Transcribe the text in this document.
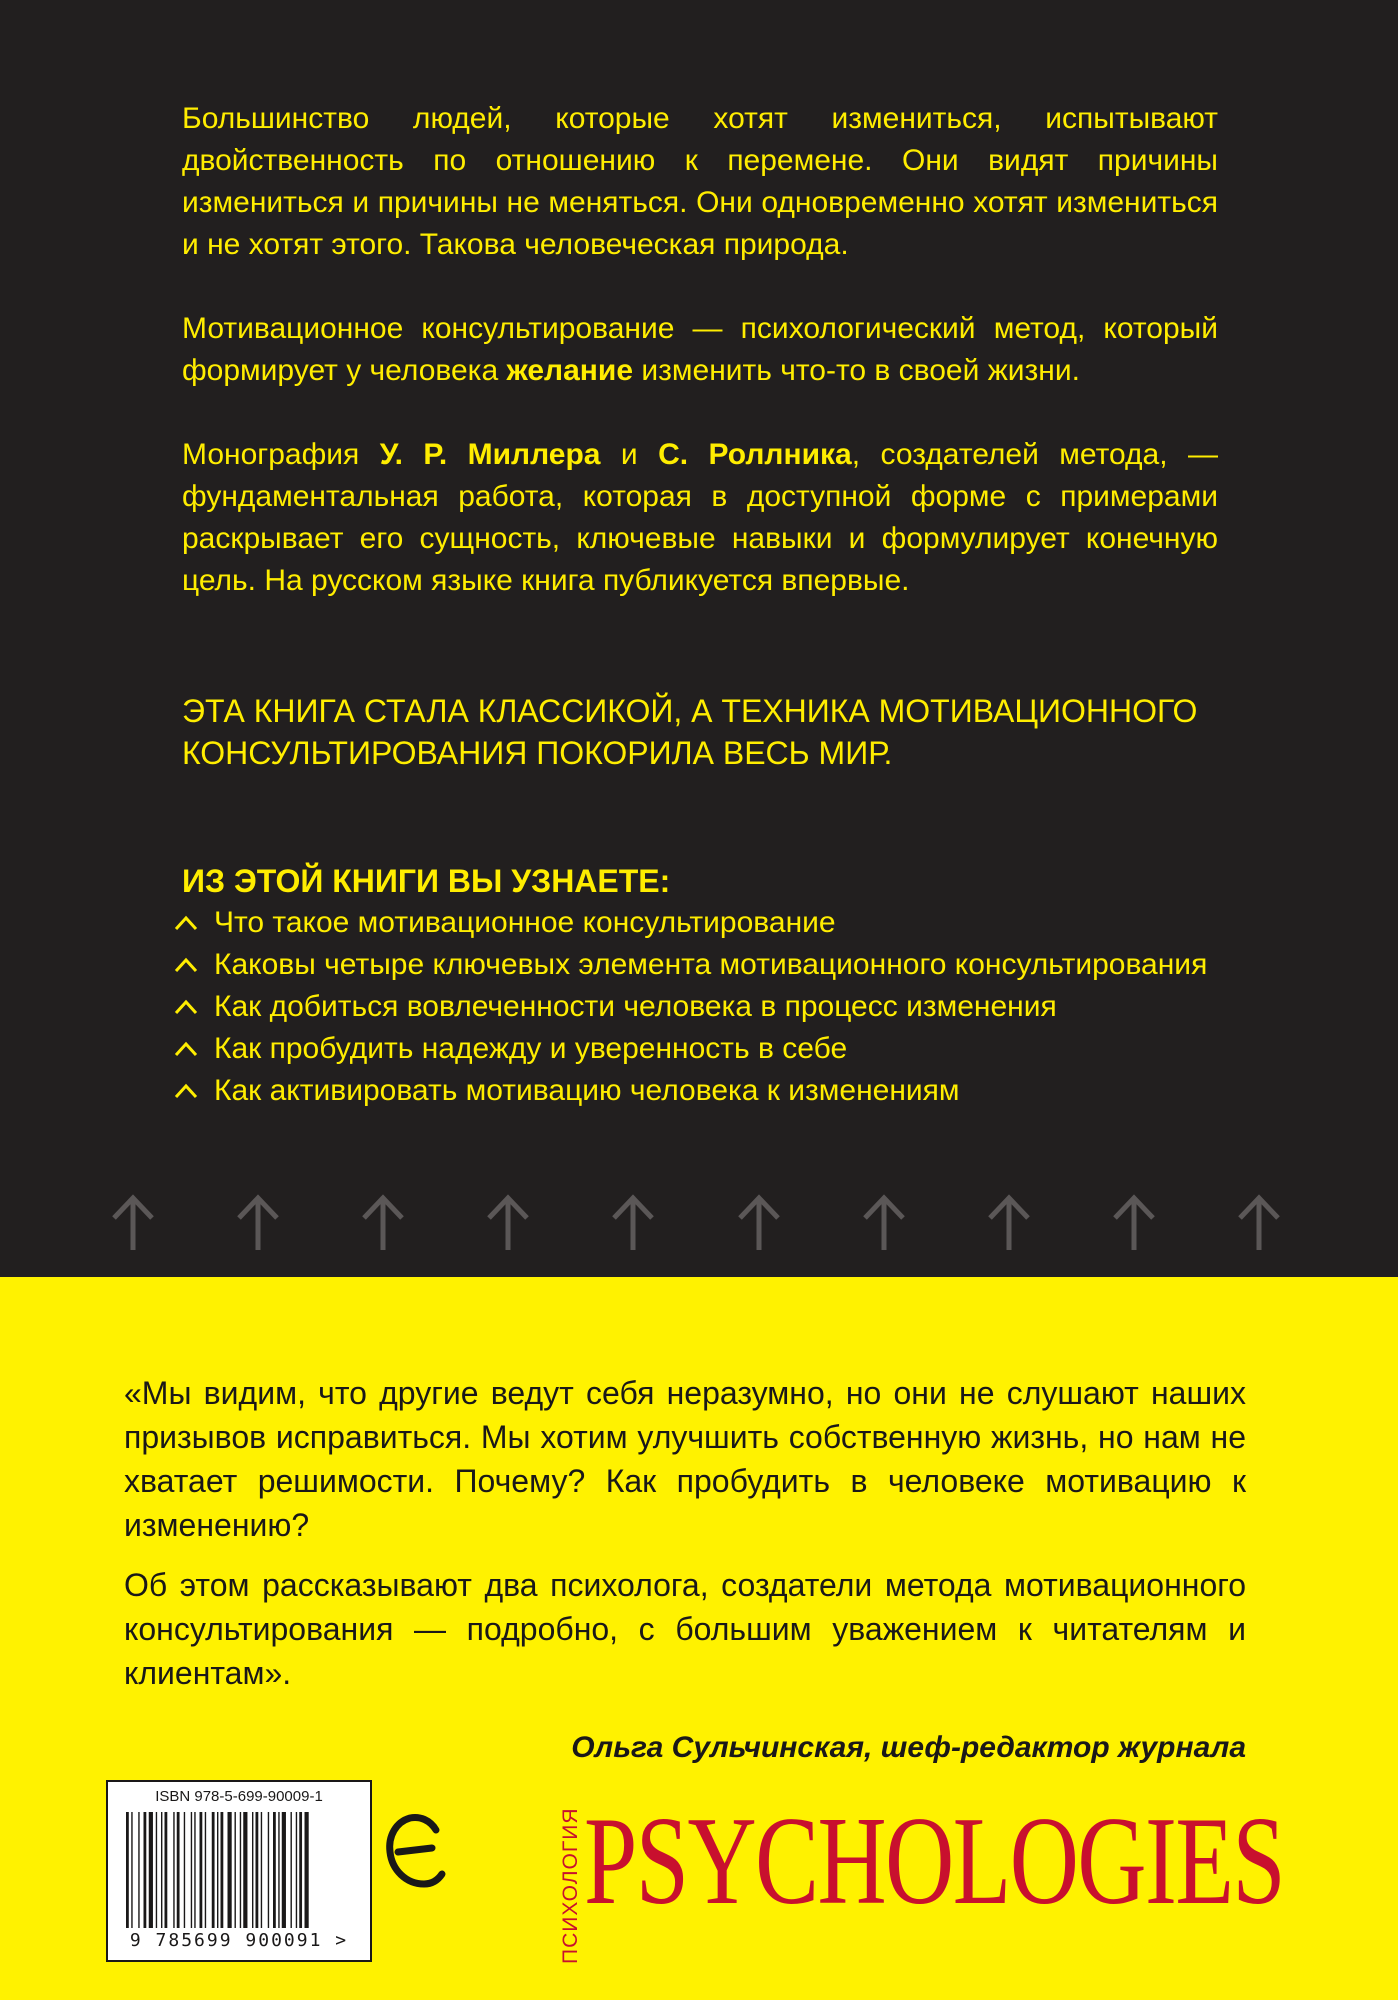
Большинство людей, которые хотят измениться, испытывают двойственность по отношению к перемене. Они видят причины измениться и причины не меняться. Они одновременно хотят измениться и не хотят этого. Такова человеческая природа.

Мотивационное консультирование — психологический метод, который формирует у человека желание изменить что-то в своей жизни.

Монография У. Р. Миллера и С. Роллника, создателей метода, — фундаментальная работа, которая в доступной форме с примерами раскрывает его сущность, ключевые навыки и формулирует конечную цель. На русском языке книга публикуется впервые.

ЭТА КНИГА СТАЛА КЛАССИКОЙ, А ТЕХНИКА МОТИВАЦИОННОГО КОНСУЛЬТИРОВАНИЯ ПОКОРИЛА ВЕСЬ МИР.
ИЗ ЭТОЙ КНИГИ ВЫ УЗНАЕТЕ:
Что такое мотивационное консультирование
Каковы четыре ключевых элемента мотивационного консультирования
Как добиться вовлеченности человека в процесс изменения
Как пробудить надежду и уверенность в себе
Как активировать мотивацию человека к изменениям

«Мы видим, что другие ведут себя неразумно, но они не слушают наших призывов исправиться. Мы хотим улучшить собственную жизнь, но нам не хватает решимости. Почему? Как пробудить в человеке мотивацию к изменению?

Об этом рассказывают два психолога, создатели метода мотивационного консультирования — подробно, с большим уважением к читателям и клиентам».

Ольга Сульчинская, шеф-редактор журнала
ISBN 978-5-699-90009-1
9 785699 900091 >	ПСИХОЛОГИЯ PSYCHOLOGIES
